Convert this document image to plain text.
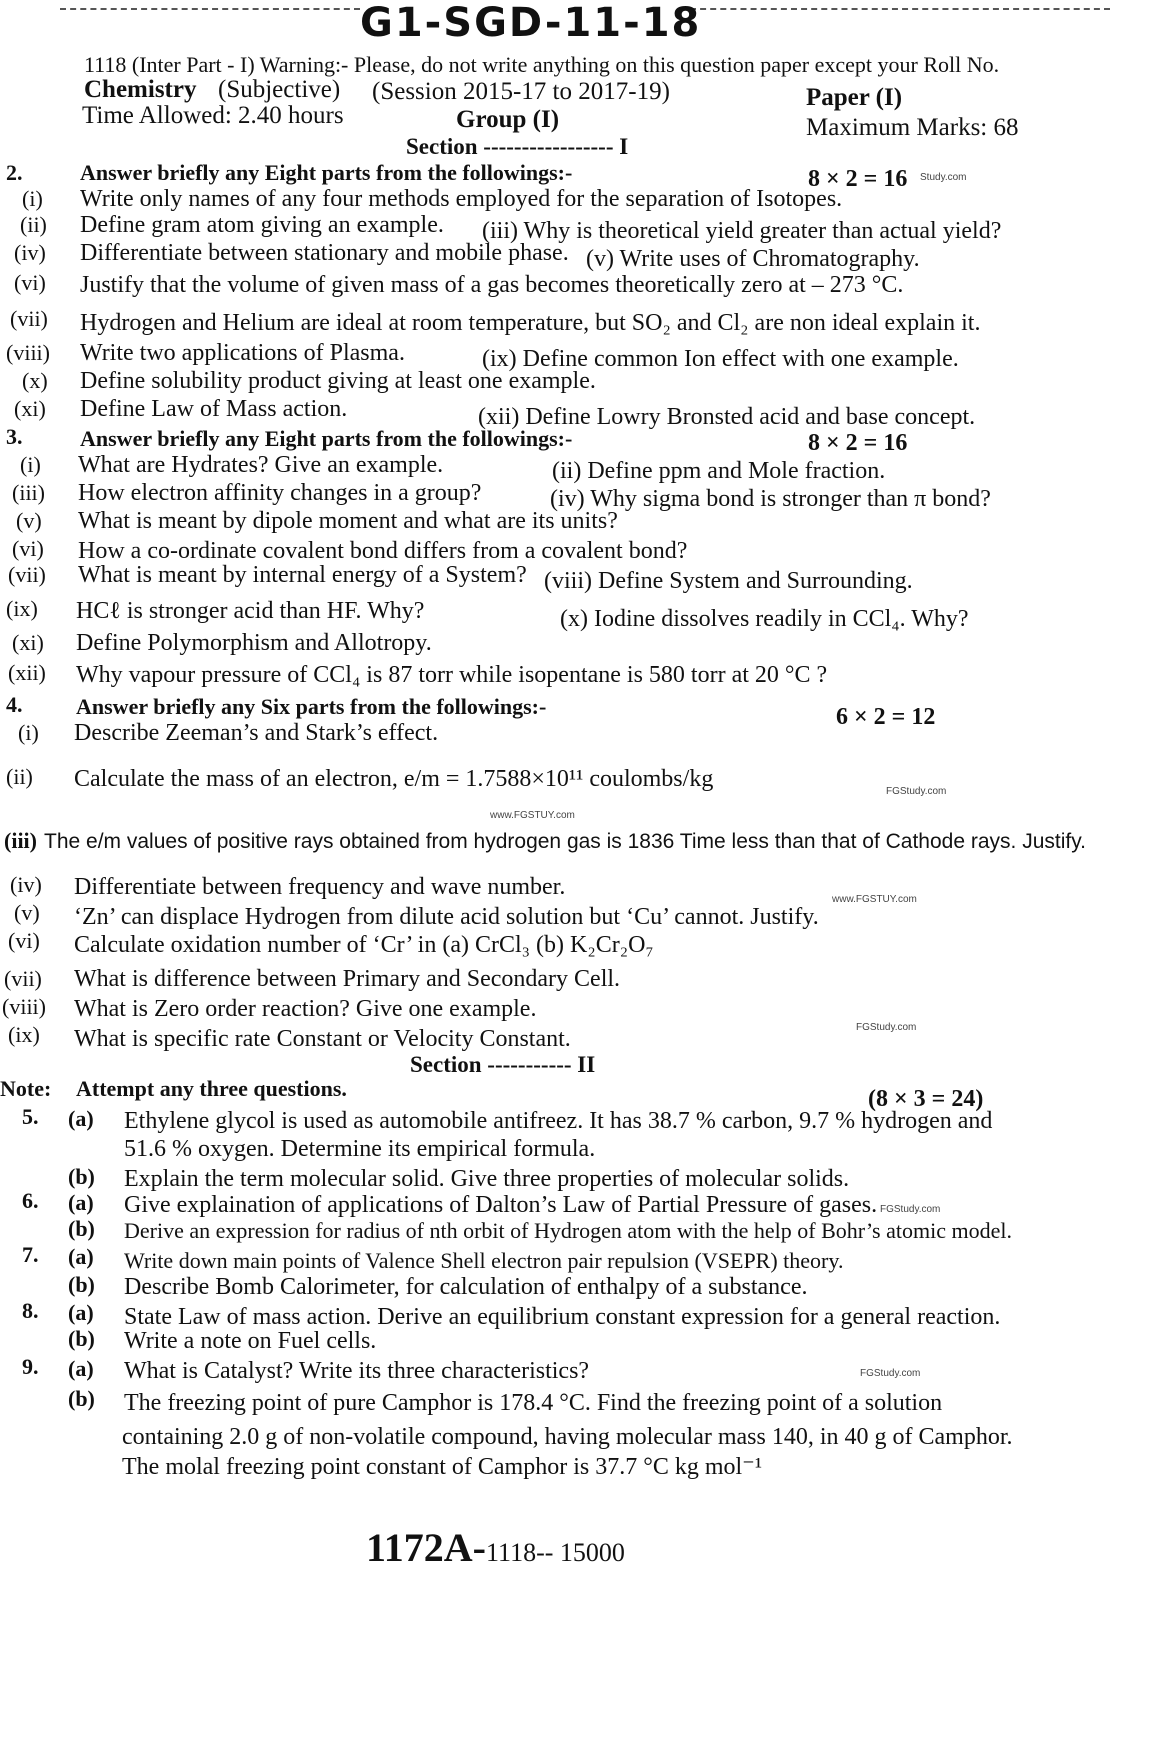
G1-SGD-11-18
1118 (Inter Part - I) Warning:- Please, do not write anything on this question paper except your Roll No.
Chemistry (Subjective) (Session 2015-17 to 2017-19)	Paper (I)
Time Allowed: 2.40 hours	Group (I)	Maximum Marks: 68
Section ----------------- I
2.	Answer briefly any Eight parts from the followings:-	8 × 2 = 16 Study.com
(i) Write only names of any four methods employed for the separation of Isotopes.
(ii) Define gram atom giving an example. (iii) Why is theoretical yield greater than actual yield?
(iv) Differentiate between stationary and mobile phase. (v) Write uses of Chromatography.
(vi) Justify that the volume of given mass of a gas becomes theoretically zero at – 273 °C.
(vii) Hydrogen and Helium are ideal at room temperature, but SO₂ and Cl₂ are non ideal explain it.
(viii) Write two applications of Plasma.	(ix) Define common Ion effect with one example.
(x) Define solubility product giving at least one example.
(xi) Define Law of Mass action.	(xii) Define Lowry Bronsted acid and base concept.
3.	Answer briefly any Eight parts from the followings:-	8 × 2 = 16
(i) What are Hydrates? Give an example.	(ii) Define ppm and Mole fraction.
(iii) How electron affinity changes in a group?	(iv) Why sigma bond is stronger than π bond?
(v) What is meant by dipole moment and what are its units?
(vi) How a co-ordinate covalent bond differs from a covalent bond?
(vii) What is meant by internal energy of a System? (viii) Define System and Surrounding.
(ix) HCℓ is stronger acid than HF. Why?	(x) Iodine dissolves readily in CCl₄. Why?
(xi) Define Polymorphism and Allotropy.
(xii) Why vapour pressure of CCl₄ is 87 torr while isopentane is 580 torr at 20 °C ?
4. Answer briefly any Six parts from the followings:-	6 × 2 = 12
(i) Describe Zeeman’s and Stark’s effect.
(ii) Calculate the mass of an electron, e/m = 1.7588×10¹¹ coulombs/kg	FGStudy.com
www.FGSTUY.com
(iii) The e/m values of positive rays obtained from hydrogen gas is 1836 Time less than that of Cathode rays. Justify.
(iv) Differentiate between frequency and wave number.	www.FGSTUY.com
(v) ‘Zn’ can displace Hydrogen from dilute acid solution but ‘Cu’ cannot. Justify.
(vi) Calculate oxidation number of ‘Cr’ in (a) CrCl₃ (b) K₂Cr₂O₇
(vii) What is difference between Primary and Secondary Cell.
(viii) What is Zero order reaction? Give one example.
(ix) What is specific rate Constant or Velocity Constant.	FGStudy.com
Section ----------- II
Note: Attempt any three questions.	(8 × 3 = 24)
5. (a) Ethylene glycol is used as automobile antifreez. It has 38.7 % carbon, 9.7 % hydrogen and
51.6 % oxygen. Determine its empirical formula.
(b) Explain the term molecular solid. Give three properties of molecular solids.
6. (a) Give explaination of applications of Dalton’s Law of Partial Pressure of gases. FGStudy.com
(b) Derive an expression for radius of nth orbit of Hydrogen atom with the help of Bohr’s atomic model.
7. (a) Write down main points of Valence Shell electron pair repulsion (VSEPR) theory.
(b) Describe Bomb Calorimeter, for calculation of enthalpy of a substance.
8. (a) State Law of mass action. Derive an equilibrium constant expression for a general reaction.
(b) Write a note on Fuel cells.
9. (a) What is Catalyst? Write its three characteristics?	FGStudy.com
(b) The freezing point of pure Camphor is 178.4 °C. Find the freezing point of a solution
containing 2.0 g of non-volatile compound, having molecular mass 140, in 40 g of Camphor.
The molal freezing point constant of Camphor is 37.7 °C kg mol⁻¹
1172A-1118-- 15000
